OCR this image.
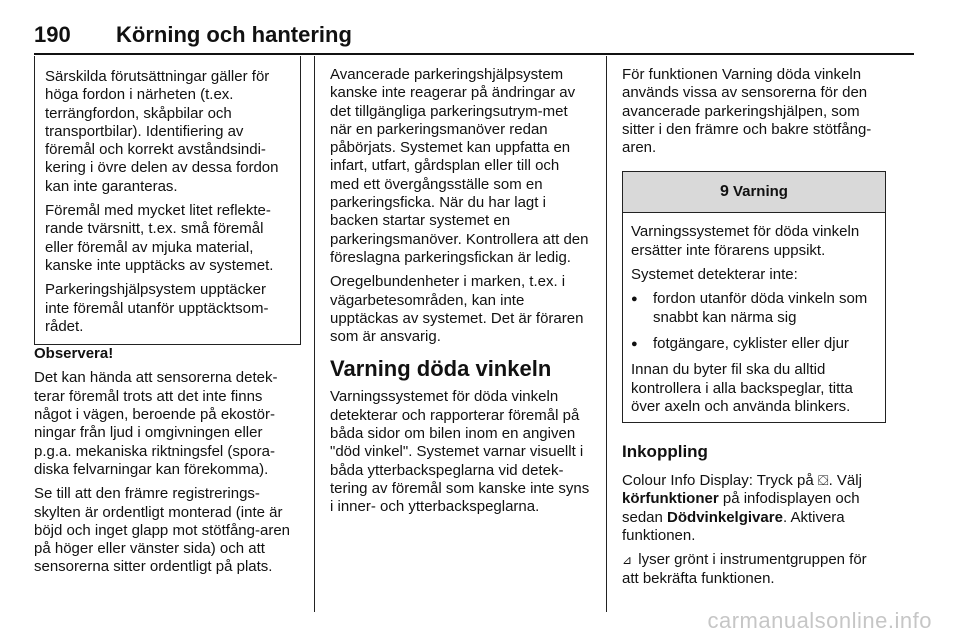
190 Körning och hantering

Särskilda förutsättningar gäller för höga fordon i närheten (t.ex. terrängfordon, skåpbilar och transportbilar). Identifiering av föremål och korrekt avståndsindi-kering i övre delen av dessa fordon kan inte garanteras.

Föremål med mycket litet reflekte-rande tvärsnitt, t.ex. små föremål eller föremål av mjuka material, kanske inte upptäcks av systemet.

Parkeringshjälpsystem upptäcker inte föremål utanför upptäcktsom-rådet.

Observera!

Det kan hända att sensorerna detek-terar föremål trots att det inte finns något i vägen, beroende på ekostör-ningar från ljud i omgivningen eller p.g.a. mekaniska riktningsfel (spora-diska felvarningar kan förekomma).

Se till att den främre registrerings-skylten är ordentligt monterad (inte är böjd och inget glapp mot stötfång-aren på höger eller vänster sida) och att sensorerna sitter ordentligt på plats.

Avancerade parkeringshjälpsystem kanske inte reagerar på ändringar av det tillgängliga parkeringsutrym-met när en parkeringsmanöver redan påbörjats. Systemet kan uppfatta en infart, utfart, gårdsplan eller till och med ett övergångsställe som en parkeringsficka. När du har lagt i backen startar systemet en parkeringsmanöver. Kontrollera att den föreslagna parkeringsfickan är ledig.

Oregelbundenheter i marken, t.ex. i vägarbetesområden, kan inte upptäckas av systemet. Det är föraren som är ansvarig.

Varning döda vinkeln

Varningssystemet för döda vinkeln detekterar och rapporterar föremål på båda sidor om bilen inom en angiven "död vinkel". Systemet varnar visuellt i båda ytterbackspeglarna vid detek-tering av föremål som kanske inte syns i inner- och ytterbackspeglarna.

För funktionen Varning döda vinkeln används vissa av sensorerna för den avancerade parkeringshjälpen, som sitter i den främre och bakre stötfång-aren.

9 Varning

Varningssystemet för döda vinkeln ersätter inte förarens uppsikt.

Systemet detekterar inte:

● fordon utanför döda vinkeln som snabbt kan närma sig
● fotgängare, cyklister eller djur

Innan du byter fil ska du alltid kontrollera i alla backspeglar, titta över axeln och använda blinkers.

Inkoppling

Colour Info Display: Tryck på ⛋. Välj körfunktioner på infodisplayen och sedan Dödvinkelgivare. Aktivera funktionen.

⊿ lyser grönt i instrumentgruppen för att bekräfta funktionen.

carmanualsonline.info
